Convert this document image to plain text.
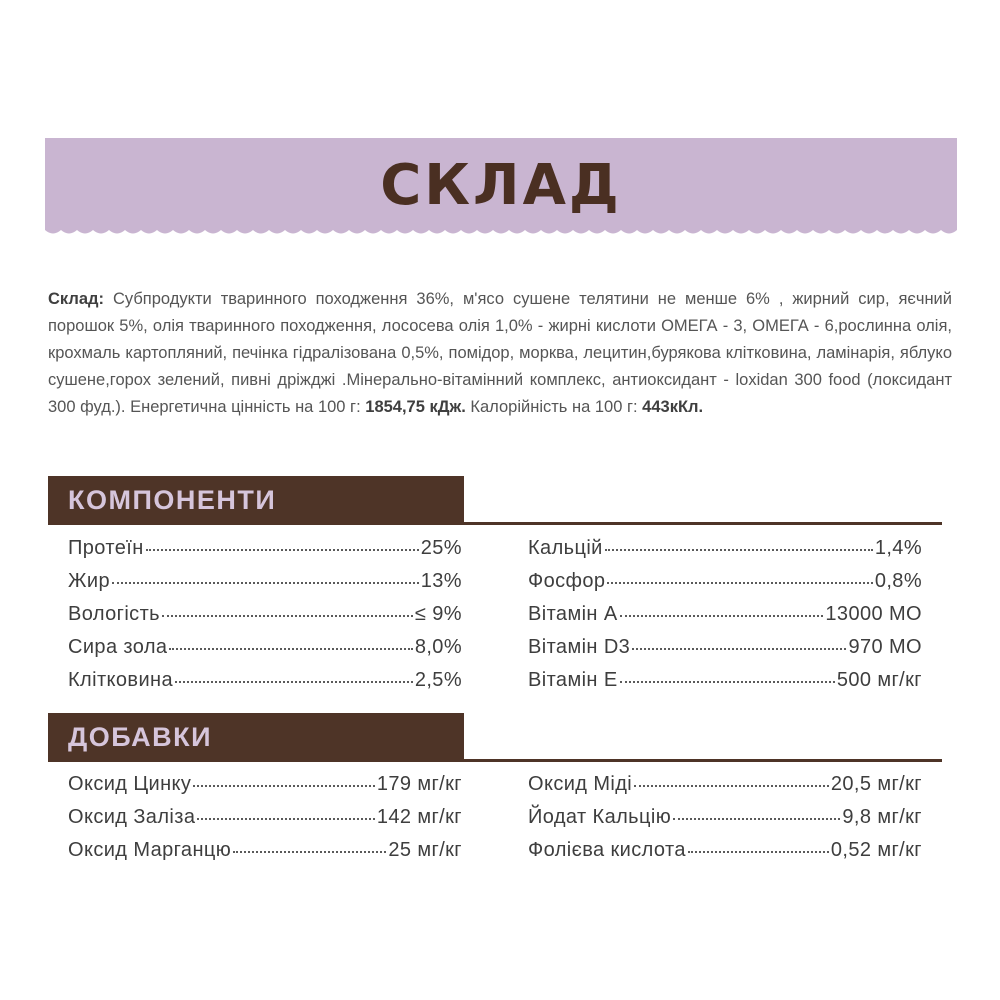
СКЛАД
Склад: Субпродукти тваринного походження 36%, м'ясо сушене телятини не менше 6% , жирний сир, яєчний порошок 5%, олія тваринного походження, лососева олія 1,0% - жирні кислоти ОМЕГА - 3, ОМЕГА - 6,рослинна олія, крохмаль картопляний, печінка гідралізована 0,5%, помідор, морква, лецитин,бурякова клітковина, ламінарія, яблуко сушене,горох зелений, пивні дріжджі .Мінерально-вітамінний комплекс, антиоксидант - loxidan 300 food (локсидант 300 фуд.). Енергетична цінність на 100 г: 1854,75 кДж. Калорійність на 100 г: 443кКл.
КОМПОНЕНТИ
Протеїн	25%
Жир	13%
Вологість	≤ 9%
Сира зола	8,0%
Клітковина	2,5%
Кальцій	1,4%
Фосфор	0,8%
Вітамін А	13000 МО
Вітамін D3	970 МО
Вітамін Е	500 мг/кг
ДОБАВКИ
Оксид Цинку	179 мг/кг
Оксид Заліза	142 мг/кг
Оксид Марганцю	25 мг/кг
Оксид Міді	20,5 мг/кг
Йодат Кальцію	9,8 мг/кг
Фолієва кислота	0,52 мг/кг
